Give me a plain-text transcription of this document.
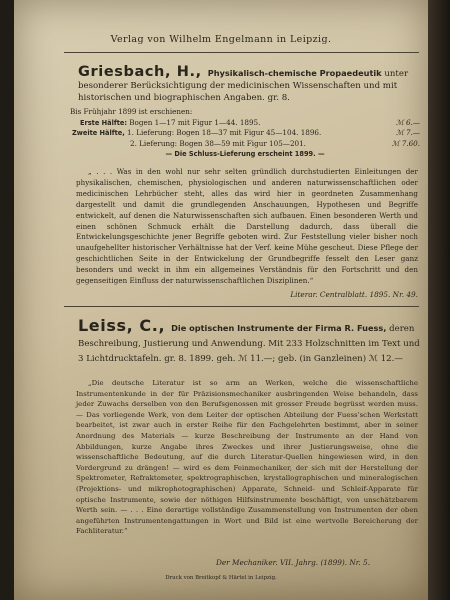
Verlag von Wilhelm Engelmann in Leipzig.
Griesbach, H., Physikalisch-chemische Propaedeutik unter besonderer Berücksichtigung der medicinischen Wissenschaften und mit historischen und biographischen Angaben. gr. 8.
Bis Frühjahr 1899 ist erschienen:
Erste Hälfte: Bogen 1—17 mit Figur 1—44. 1895.	ℳ 6.—
Zweite Hälfte, 1. Lieferung: Bogen 18—37 mit Figur 45—104. 1896.	ℳ 7.—
2. Lieferung: Bogen 38—59 mit Figur 105—201.	ℳ 7.60.
— Die Schluss-Lieferung erscheint 1899. —

„ . . . Was in den wohl nur sehr selten gründlich durchstudierten Einleitungen der physikalischen, chemischen, physiologischen und anderen naturwissenschaftlichen oder medicinischen Lehrbücher steht, alles das wird hier in geordneten Zusammenhang dargestellt und damit die grundlegenden Anschauungen, Hypothesen und Begriffe entwickelt, auf denen die Naturwissenschaften sich aufbauen. Einen besonderen Werth und einen schönen Schmuck erhält die Darstellung dadurch, dass überall die Entwickelungsgeschichte jener Begriffe geboten wird. Zur Feststellung vieler bisher noch unaufgehellter historischer Verhältnisse hat der Verf. keine Mühe gescheut. Diese Pflege der geschichtlichen Seite in der Entwickelung der Grundbegriffe fesselt den Leser ganz besonders und weckt in ihm ein allgemeines Verständnis für den Fortschritt und den gegenseitigen Einfluss der naturwissenschaftlichen Disziplinen.“

Literar. Centralblatt. 1895. Nr. 49.
Leiss, C., Die optischen Instrumente der Firma R. Fuess, deren Beschreibung, Justierung und Anwendung. Mit 233 Holzschnitten im Text und 3 Lichtdrucktafeln. gr. 8. 1899. geh. ℳ 11.—; geb. (in Ganzleinen) ℳ 12.—

„Die deutsche Literatur ist so arm an Werken, welche die wissenschaftliche Instrumentenkunde in der für Präzisionsmechaniker ausbringenden Weise behandeln, dass jeder Zuwachs derselben von den Berufsgenossen mit grosser Freude begrüsst werden muss. — Das vorliegende Werk, von dem Leiter der optischen Abteilung der Fuess'schen Werkstatt bearbeitet, ist zwar auch in erster Reihe für den Fachgelehrten bestimmt, aber in seiner Anordnung des Materials — kurze Beschreibung der Instrumente an der Hand von Abbildungen, kurze Angabe ihres Zweckes und ihrer Justierungsweise, ohne die wissenschaftliche Bedeutung, auf die durch Literatur-Quellen hingewiesen wird, in den Vordergrund zu drängen! — wird es dem Feinmechaniker, der sich mit der Herstellung der Spektrometer, Refraktometer, spektrographischen, krystallographischen und mineralogischen (Projektions- und mikrophotographischen) Apparate, Schneid- und Schleif-Apparate für optische Instrumente, sowie der nöthigen Hilfsinstrumente beschäftigt, von unschätzbarem Werth sein. — . . . Eine derartige vollständige Zusammenstellung von Instrumenten der oben angeführten Instrumentengattungen in Wort und Bild ist eine wertvolle Bereicherung der Fachliteratur.“

Der Mechaniker. VII. Jahrg. (1899). Nr. 5.
Druck von Breitkopf & Härtel in Leipzig.
